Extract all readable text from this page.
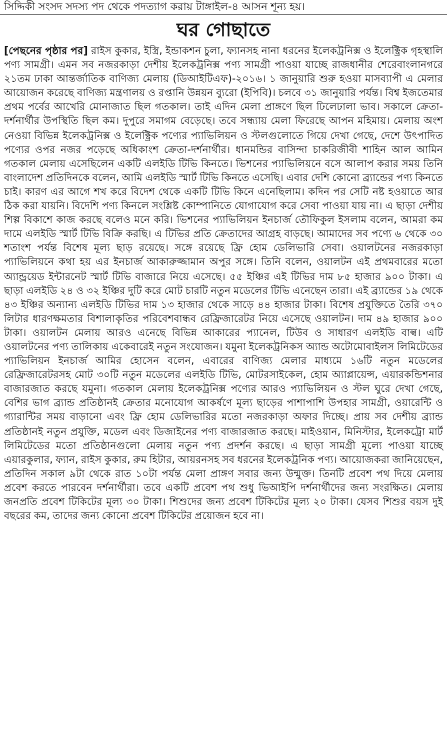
সিদ্দিকী সংসদ সদস্য পদ থেকে পদত্যাগ করায় টাঙ্গাইল-৪ আসন শূন্য হয়।
ঘর গোছাতে
[পেছনের পৃষ্ঠার পর] রাইস কুকার, ইস্ত্রি, ইন্ডাকশন চুলা, ফ্যানসহ নানা ধরনের ইলেকট্রনিক্স ও ইলেক্ট্রিক গৃহস্থালি পণ্য সামগ্রী। এমন সব নজরকাড়া দেশীয় ইলেকট্রনিক্স পণ্য সামগ্রী পাওয়া যাচ্ছে রাজধানীর শেরেবাংলানগরে ২১তম ঢাকা আন্তর্জাতিক বাণিজ্য মেলায় (ডিআইটিএফ)-২০১৬। ১ জানুয়ারি শুরু হওয়া মাসব্যাপী এ মেলার আয়োজন করেছে বাণিজ্য মন্ত্রণালয় ও রপ্তানি উন্নয়ন ব্যুরো (ইপিবি)। চলবে ৩১ জানুয়ারি পর্যন্ত। বিশ্ব ইজতেমার প্রথম পর্বের আখেরি মোনাজাত ছিল গতকাল। তাই এদিন মেলা প্রাঙ্গণে ছিল ঢিলেঢালা ভাব। সকালে ক্রেতা-দর্শনার্থীর উপস্থিতি ছিল কম। দুপুরে সমাগম বেড়েছে। তবে সন্ধ্যায় মেলা ফিরেছে আপন মহিমায়। মেলায় অংশ নেওয়া বিভিন্ন ইলেকট্রনিক্স ও ইলেক্ট্রিক পণ্যের প্যাভিলিয়ন ও স্টলগুলোতে গিয়ে দেখা গেছে, দেশে উৎপাদিত পণ্যের ওপর নজর পড়েছে অধিকাংশ ক্রেতা-দর্শনার্থীর। ধানমন্ডির বাসিন্দা চাকরিজীবী শাহিন আল আমিন গতকাল মেলায় এসেছিলেন একটি এলইডি টিভি কিনতে। ভিশনের প্যাভিলিয়নে বসে আলাপ করার সময় তিনি বাংলাদেশ প্রতিদিনকে বলেন, আমি এলইডি স্মার্ট টিভি কিনতে এসেছি। এবার দেশি কোনো ব্র্যান্ডের পণ্য কিনতে চাই। কারণ এর আগে শখ করে বিদেশ থেকে একটি টিভি কিনে এনেছিলাম। কদিন পর সেটি নষ্ট হওয়াতে আর ঠিক করা যায়নি। বিদেশি পণ্য কিনলে সংশ্লিষ্ট কোম্পানিতে যোগাযোগ করে সেবা পাওয়া যায় না। এ ছাড়া দেশীয় শিল্প বিকাশে কাজ করছে বলেও মনে করি। ভিশনের প্যাভিলিয়ন ইনচার্জ তৌফিকুল ইসলাম বলেন, আমরা কম দামে এলইডি স্মার্ট টিভি বিক্রি করছি। এ টিভির প্রতি ক্রেতাদের আগ্রহ বাড়ছে। আমাদের সব পণ্যে ৬ থেকে ৩০ শতাংশ পর্যন্ত বিশেষ মূল্য ছাড় রয়েছে। সঙ্গে রয়েছে ফ্রি হোম ডেলিভারি সেবা। ওয়ালটনের নজরকাড়া প্যাভিলিয়নে কথা হয় এর ইনচার্জ আকারুজ্জামান অপুর সঙ্গে। তিনি বলেন, ওয়ালটন এই প্রথমবারের মতো অ্যান্ড্রয়েড ইন্টারনেট স্মার্ট টিভি বাজারে নিয়ে এসেছে। ৫৫ ইঞ্চির এই টিভির দাম ৮৫ হাজার ৯০০ টাকা। এ ছাড়া এলইডি ২৪ ও ৩২ ইঞ্চির দুটি করে মোট চারটি নতুন মডেলের টিভি এনেছেন তারা। এই ব্র্যান্ডের ১৯ থেকে ৪৩ ইঞ্চির অন্যান্য এলইডি টিভির দাম ১৩ হাজার থেকে সাড়ে ৪৪ হাজার টাকা। বিশেষ প্রযুক্তিতে তৈরি ৩৭০ লিটার ধারণক্ষমতার বিশালাকৃতির পরিবেশবান্ধব রেফ্রিজারেটর নিয়ে এসেছে ওয়ালটন। দাম ৪৯ হাজার ৯০০ টাকা। ওয়ালটন মেলায় আরও এনেছে বিভিন্ন আকারের প্যানেল, টিউব ও সাধারণ এলইডি বাল্ব। এটি ওয়ালটনের পণ্য তালিকায় একেবারেই নতুন সংযোজন। যমুনা ইলেকট্রনিকস অ্যান্ড অটোমোবাইলস লিমিটেডের প্যাভিলিয়ন ইনচার্জ আমির হোসেন বলেন, এবারের বাণিজ্য মেলার মাধ্যমে ১৬টি নতুন মডেলের রেফ্রিজারেটরসহ মোট ৩০টি নতুন মডেলের এলইডি টিভি, মোটরসাইকেল, হোম অ্যাপ্লায়েন্স, এয়ারকন্ডিশনার বাজারজাত করছে যমুনা। গতকাল মেলায় ইলেকট্রনিক্স পণ্যের আরও প্যাভিলিয়ন ও স্টল ঘুরে দেখা গেছে, বেশির ভাগ ব্র্যান্ড প্রতিষ্ঠানই ক্রেতার মনোযোগ আকর্ষণে মূল্য ছাড়ের পাশাপাশি উপহার সামগ্রী, ওয়ারেন্টি ও গ্যারান্টির সময় বাড়ানো এবং ফ্রি হোম ডেলিভারির মতো নজরকাড়া অফার দিচ্ছে। প্রায় সব দেশীয় ব্র্যান্ড প্রতিষ্ঠানই নতুন প্রযুক্তি, মডেল এবং ডিজাইনের পণ্য বাজারজাত করছে। মাইওয়ান, মিনিস্টার, ইলেকট্রো মার্ট লিমিটেডের মতো প্রতিষ্ঠানগুলো মেলায় নতুন পণ্য প্রদর্শন করছে। এ ছাড়া সামগ্রী মূল্যে পাওয়া যাচ্ছে এয়ারকুলার, ফ্যান, রাইস কুকার, রুম হিটার, আয়রনসহ সব ধরনের ইলেকট্রনিক পণ্য। আয়োজকরা জানিয়েছেন, প্রতিদিন সকাল ৯টা থেকে রাত ১০টা পর্যন্ত মেলা প্রাঙ্গণ সবার জন্য উন্মুক্ত। তিনটি প্রবেশ পথ দিয়ে মেলায় প্রবেশ করতে পারবেন দর্শনার্থীরা। তবে একটি প্রবেশ পথ শুধু ভিআইপি দর্শনার্থীদের জন্য সংরক্ষিত। মেলায় জনপ্রতি প্রবেশ টিকিটের মূল্য ৩০ টাকা। শিশুদের জন্য প্রবেশ টিকিটের মূল্য ২০ টাকা। যেসব শিশুর বয়স দুই বছরের কম, তাদের জন্য কোনো প্রবেশ টিকিটের প্রয়োজন হবে না।
